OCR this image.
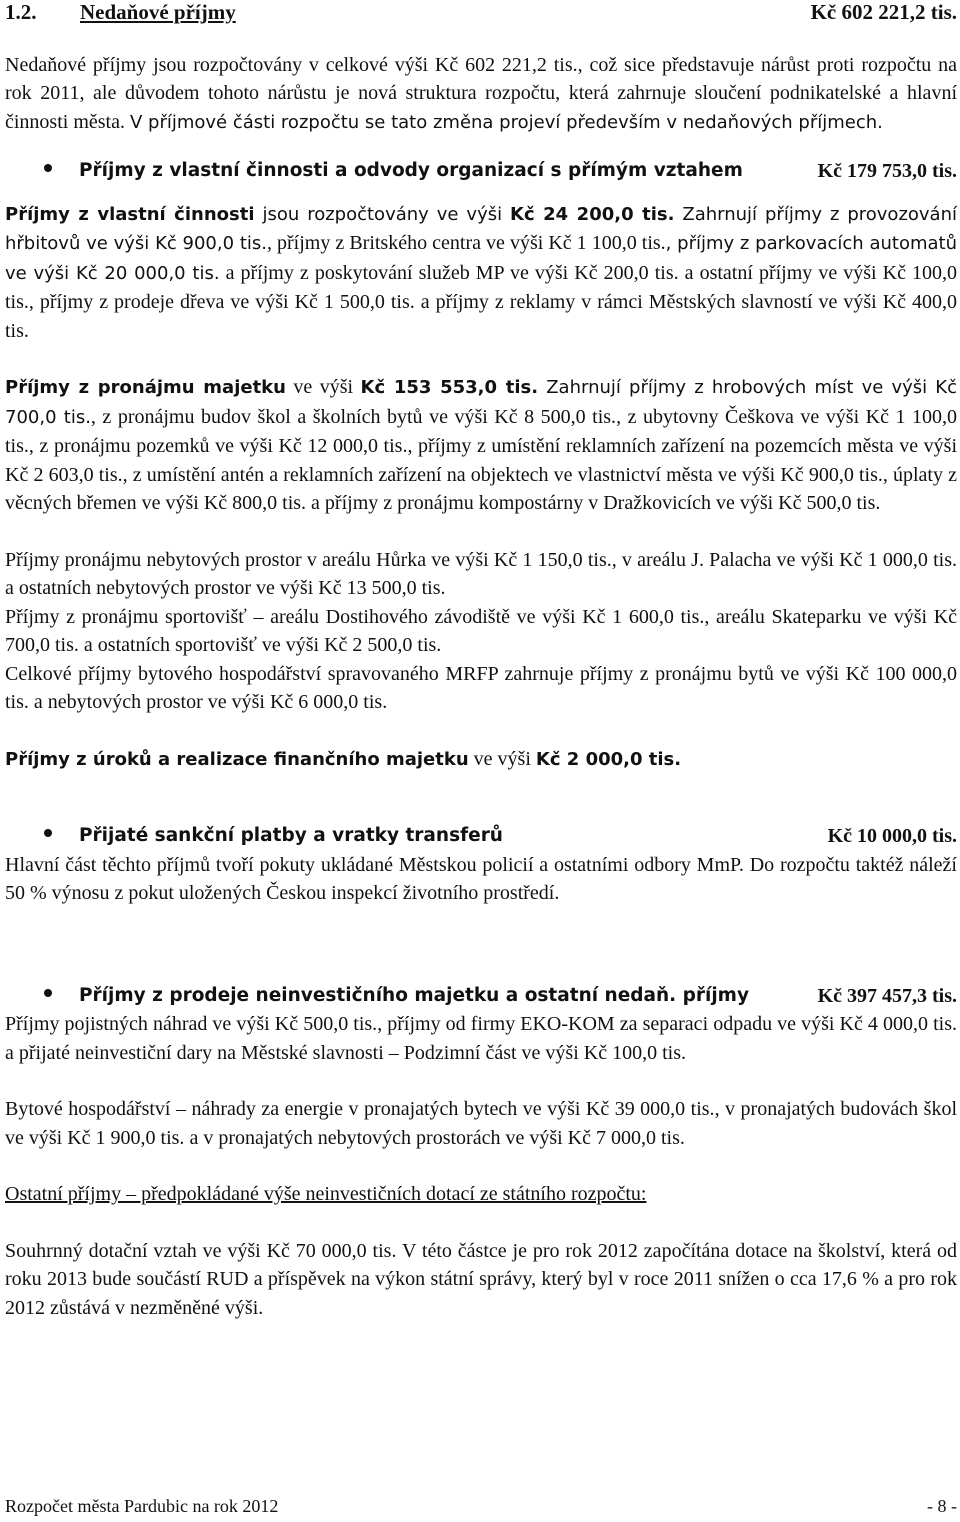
1.2. Nedaňové příjmy	Kč 602 221,2 tis.

Nedaňové příjmy jsou rozpočtovány v celkové výši Kč 602 221,2 tis., což sice představuje nárůst proti rozpočtu na rok 2011, ale důvodem tohoto nárůstu je nová struktura rozpočtu, která zahrnuje sloučení podnikatelské a hlavní činnosti města. V příjmové části rozpočtu se tato změna projeví především v nedaňových příjmech.

Příjmy z vlastní činnosti a odvody organizací s přímým vztahem	Kč 179 753,0 tis.

Příjmy z vlastní činnosti jsou rozpočtovány ve výši Kč 24 200,0 tis. Zahrnují příjmy z provozování hřbitovů ve výši Kč 900,0 tis., příjmy z Britského centra ve výši Kč 1 100,0 tis., příjmy z parkovacích automatů ve výši Kč 20 000,0 tis. a příjmy z poskytování služeb MP ve výši Kč 200,0 tis. a ostatní příjmy ve výši Kč 100,0 tis., příjmy z prodeje dřeva ve výši Kč 1 500,0 tis. a příjmy z reklamy v rámci Městských slavností ve výši Kč 400,0 tis.

Příjmy z pronájmu majetku ve výši Kč 153 553,0 tis. Zahrnují příjmy z hrobových míst ve výši Kč 700,0 tis., z pronájmu budov škol a školních bytů ve výši Kč 8 500,0 tis., z ubytovny Češkova ve výši Kč 1 100,0 tis., z pronájmu pozemků ve výši Kč 12 000,0 tis., příjmy z umístění reklamních zařízení na pozemcích města ve výši Kč 2 603,0 tis., z umístění antén a reklamních zařízení na objektech ve vlastnictví města ve výši Kč 900,0 tis., úplaty z věcných břemen ve výši Kč 800,0 tis. a příjmy z pronájmu kompostárny v Dražkovicích ve výši Kč 500,0 tis.

Příjmy pronájmu nebytových prostor v areálu Hůrka ve výši Kč 1 150,0 tis., v areálu J. Palacha ve výši Kč 1 000,0 tis. a ostatních nebytových prostor ve výši Kč 13 500,0 tis.

Příjmy z pronájmu sportovišť – areálu Dostihového závodiště ve výši Kč 1 600,0 tis., areálu Skateparku ve výši Kč 700,0 tis. a ostatních sportovišť ve výši Kč 2 500,0 tis.

Celkové příjmy bytového hospodářství spravovaného MRFP zahrnuje příjmy z pronájmu bytů ve výši Kč 100 000,0 tis. a nebytových prostor ve výši Kč 6 000,0 tis.

Příjmy z úroků a realizace finančního majetku ve výši Kč 2 000,0 tis.

Přijaté sankční platby a vratky transferů	Kč 10 000,0 tis.

Hlavní část těchto příjmů tvoří pokuty ukládané Městskou policií a ostatními odbory MmP. Do rozpočtu taktéž náleží 50 % výnosu z pokut uložených Českou inspekcí životního prostředí.

Příjmy z prodeje neinvestičního majetku a ostatní nedaň. příjmy	Kč 397 457,3 tis.

Příjmy pojistných náhrad ve výši Kč 500,0 tis., příjmy od firmy EKO-KOM za separaci odpadu ve výši Kč 4 000,0 tis. a přijaté neinvestiční dary na Městské slavnosti – Podzimní část ve výši Kč 100,0 tis.

Bytové hospodářství – náhrady za energie v pronajatých bytech ve výši Kč 39 000,0 tis., v pronajatých budovách škol ve výši Kč 1 900,0 tis. a v pronajatých nebytových prostorách ve výši Kč 7 000,0 tis.

Ostatní příjmy – předpokládané výše neinvestičních dotací ze státního rozpočtu:

Souhrnný dotační vztah ve výši Kč 70 000,0 tis. V této částce je pro rok 2012 započítána dotace na školství, která od roku 2013 bude součástí RUD a příspěvek na výkon státní správy, který byl v roce 2011 snížen o cca 17,6 % a pro rok 2012 zůstává v nezměněné výši.

Rozpočet města Pardubic na rok 2012	- 8 -
